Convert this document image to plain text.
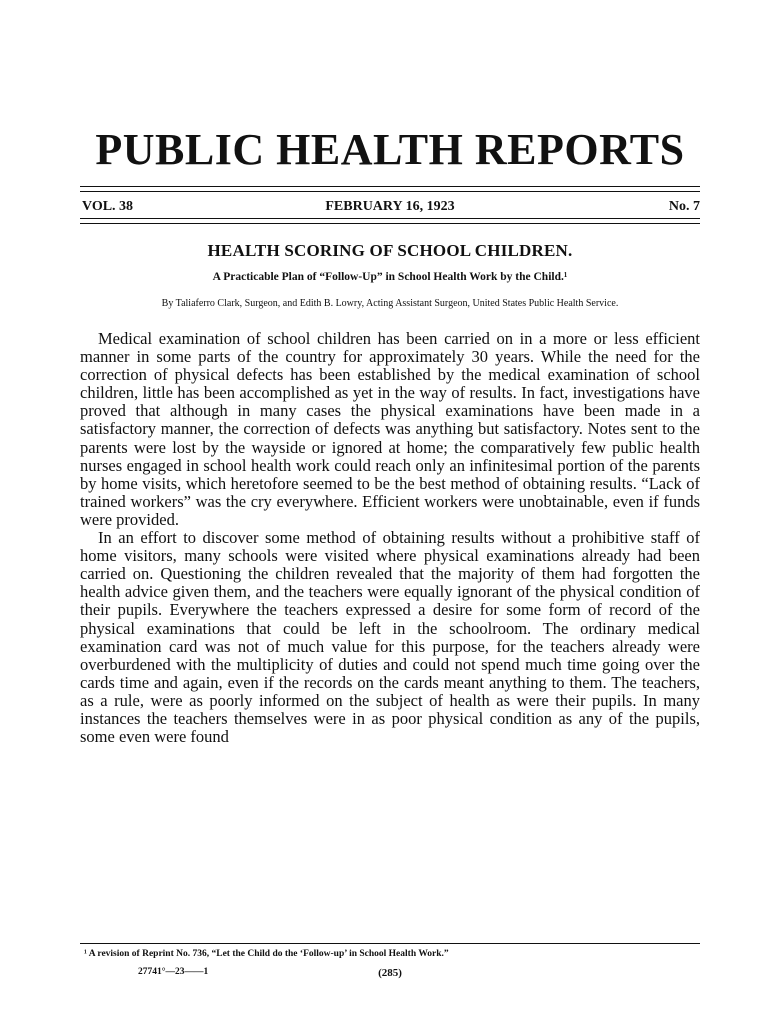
PUBLIC HEALTH REPORTS
VOL. 38	FEBRUARY 16, 1923	No. 7
HEALTH SCORING OF SCHOOL CHILDREN.
A Practicable Plan of “Follow-Up” in School Health Work by the Child.¹
By Taliaferro Clark, Surgeon, and Edith B. Lowry, Acting Assistant Surgeon, United States Public Health Service.

Medical examination of school children has been carried on in a more or less efficient manner in some parts of the country for approximately 30 years. While the need for the correction of physical defects has been established by the medical examination of school children, little has been accomplished as yet in the way of results. In fact, investigations have proved that although in many cases the physical examinations have been made in a satisfactory manner, the correction of defects was anything but satisfactory. Notes sent to the parents were lost by the wayside or ignored at home; the comparatively few public health nurses engaged in school health work could reach only an infinitesimal portion of the parents by home visits, which heretofore seemed to be the best method of obtaining results. “Lack of trained workers” was the cry everywhere. Efficient workers were unobtainable, even if funds were provided.

In an effort to discover some method of obtaining results without a prohibitive staff of home visitors, many schools were visited where physical examinations already had been carried on. Questioning the children revealed that the majority of them had forgotten the health advice given them, and the teachers were equally ignorant of the physical condition of their pupils. Everywhere the teachers expressed a desire for some form of record of the physical examinations that could be left in the schoolroom. The ordinary medical examination card was not of much value for this purpose, for the teachers already were overburdened with the multiplicity of duties and could not spend much time going over the cards time and again, even if the records on the cards meant anything to them. The teachers, as a rule, were as poorly informed on the subject of health as were their pupils. In many instances the teachers themselves were in as poor physical condition as any of the pupils, some even were found

¹ A revision of Reprint No. 736, “Let the Child do the ‘Follow-up’ in School Health Work.”
27741°—23——1	(285)
